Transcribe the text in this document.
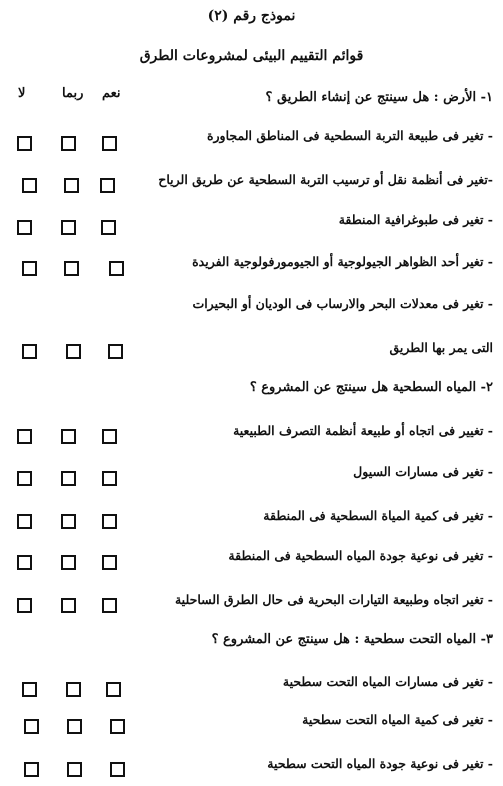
نموذج رقم (٢)
قوائم التقييم البيئى لمشروعات الطرق
لا	ربما نعم	١- الأرض : هل سينتج عن إنشاء الطريق ؟
- تغير فى طبيعة التربة السطحية فى المناطق المجاورة
-تغير فى أنظمة نقل أو ترسيب التربة السطحية عن طريق الرياح
- تغير فى طبوغرافية المنطقة
- تغير أحد الظواهر الجيولوجية أو الجيومورفولوجية الفريدة
- تغير فى معدلات البحر والارساب فى الوديان أو البحيرات
التى يمر بها الطريق
٢- المياه السطحية هل سينتج عن المشروع ؟
- تغيير فى اتجاه أو طبيعة أنظمة التصرف الطبيعية
- تغير فى مسارات السيول
- تغير فى كمية المياة السطحية فى المنطقة
- تغير فى نوعية جودة المياه السطحية فى المنطقة
- تغير اتجاه وطبيعة التيارات البحرية فى حال الطرق الساحلية
٣- المياه التحت سطحية : هل سينتج عن المشروع ؟
- تغير فى مسارات المياه التحت سطحية
- تغير فى كمية المياه التحت سطحية
- تغير فى نوعية جودة المياه التحت سطحية
